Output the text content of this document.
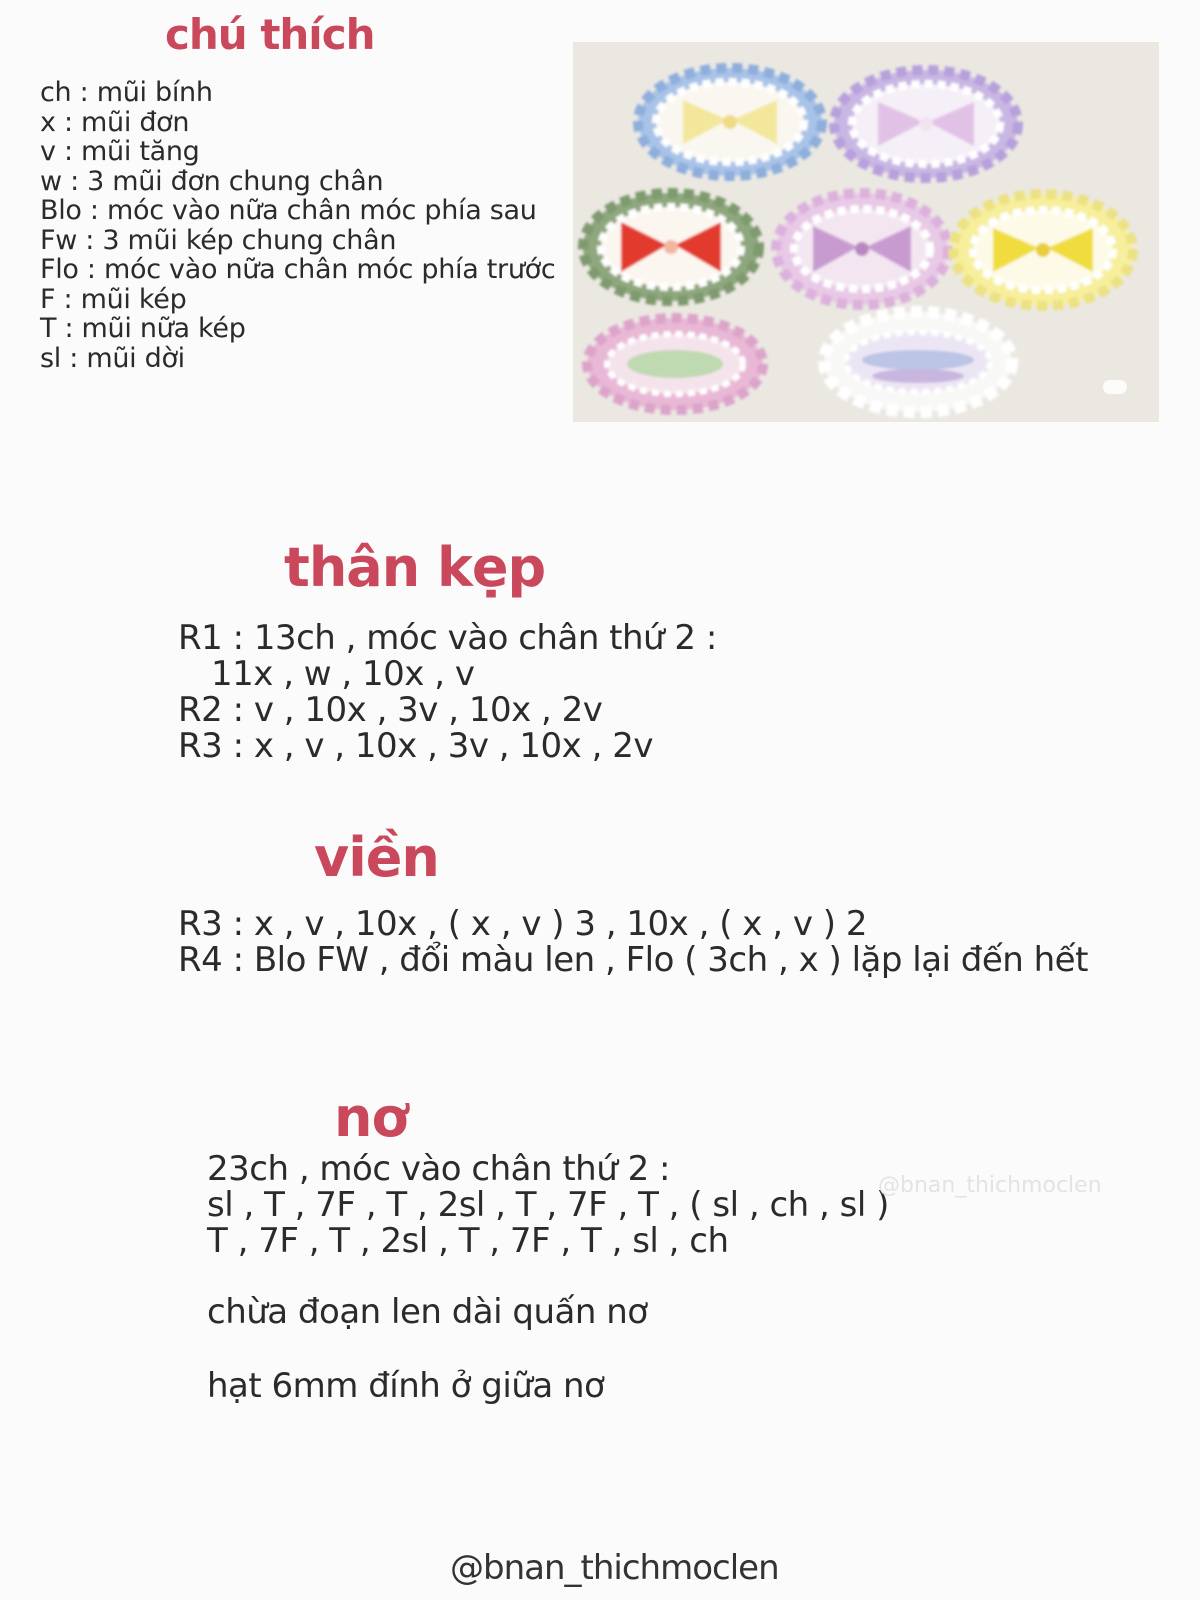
chú thích
ch : mũi bính
x : mũi đơn
v : mũi tăng
w : 3 mũi đơn chung chân
Blo : móc vào nữa chân móc phía sau
Fw : 3 mũi kép chung chân
Flo : móc vào nữa chân móc phía trước
F : mũi kép
T : mũi nữa kép
sl : mũi dời
thân kẹp
R1 : 13ch , móc vào chân thứ 2 :
11x , w , 10x , v
R2 : v , 10x , 3v , 10x , 2v
R3 : x , v , 10x , 3v , 10x , 2v
viền
R3 : x , v , 10x , ( x , v ) 3 , 10x , ( x , v ) 2
R4 : Blo FW , đổi màu len , Flo ( 3ch , x ) lặp lại đến hết
nơ
23ch , móc vào chân thứ 2 :
sl , T , 7F , T , 2sl , T , 7F , T , ( sl , ch , sl )
T , 7F , T , 2sl , T , 7F , T , sl , ch
chừa đoạn len dài quấn nơ
hạt 6mm đính ở giữa nơ
@bnan_thichmoclen
@bnan_thichmoclen
